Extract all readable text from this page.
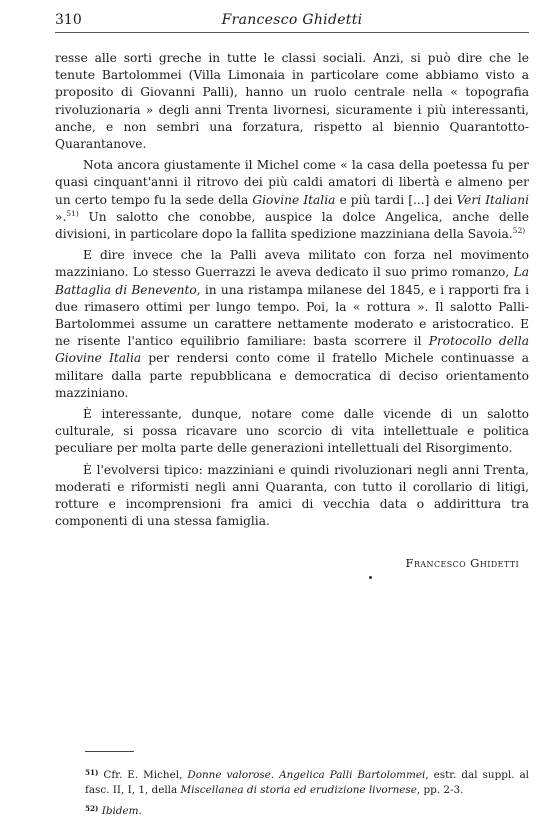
310	Francesco Ghidetti

resse alle sorti greche in tutte le classi sociali. Anzi, si può dire che le tenute Bartolommei (Villa Limonaia in particolare come abbiamo visto a proposito di Giovanni Palli), hanno un ruolo centrale nella « topografia rivoluzionaria » degli anni Trenta livornesi, sicuramente i più interessanti, anche, e non sembri una forzatura, rispetto al biennio Quarantotto-Quarantanove.

Nota ancora giustamente il Michel come « la casa della poetessa fu per quasi cinquant'anni il ritrovo dei più caldi amatori di libertà e almeno per un certo tempo fu la sede della Giovine Italia e più tardi [...] dei Veri Italiani ».$^{51)}$ Un salotto che conobbe, auspice la dolce Angelica, anche delle divisioni, in particolare dopo la fallita spedizione mazziniana della Savoia.$^{52)}$

E dire invece che la Palli aveva militato con forza nel movimento mazziniano. Lo stesso Guerrazzi le aveva dedicato il suo primo romanzo, La Battaglia di Benevento, in una ristampa milanese del 1845, e i rapporti fra i due rimasero ottimi per lungo tempo. Poi, la « rottura ». Il salotto Palli-Bartolommei assume un carattere nettamente moderato e aristocratico. E ne risente l'antico equilibrio familiare: basta scorrere il Protocollo della Giovine Italia per rendersi conto come il fratello Michele continuasse a militare dalla parte repubblicana e democratica di deciso orientamento mazziniano.

È interessante, dunque, notare come dalle vicende di un salotto culturale, si possa ricavare uno scorcio di vita intellettuale e politica peculiare per molta parte delle generazioni intellettuali del Risorgimento.

È l'evolversi tipico: mazziniani e quindi rivoluzionari negli anni Trenta, moderati e riformisti negli anni Quaranta, con tutto il corollario di litigi, rotture e incomprensioni fra amici di vecchia data o addirittura tra componenti di una stessa famiglia.

Francesco Ghidetti

$^{51)}$ Cfr. E. Michel, Donne valorose. Angelica Palli Bartolommei, estr. dal suppl. al fasc. II, I, 1, della Miscellanea di storia ed erudizione livornese, pp. 2-3.

$^{52)}$ Ibidem.
